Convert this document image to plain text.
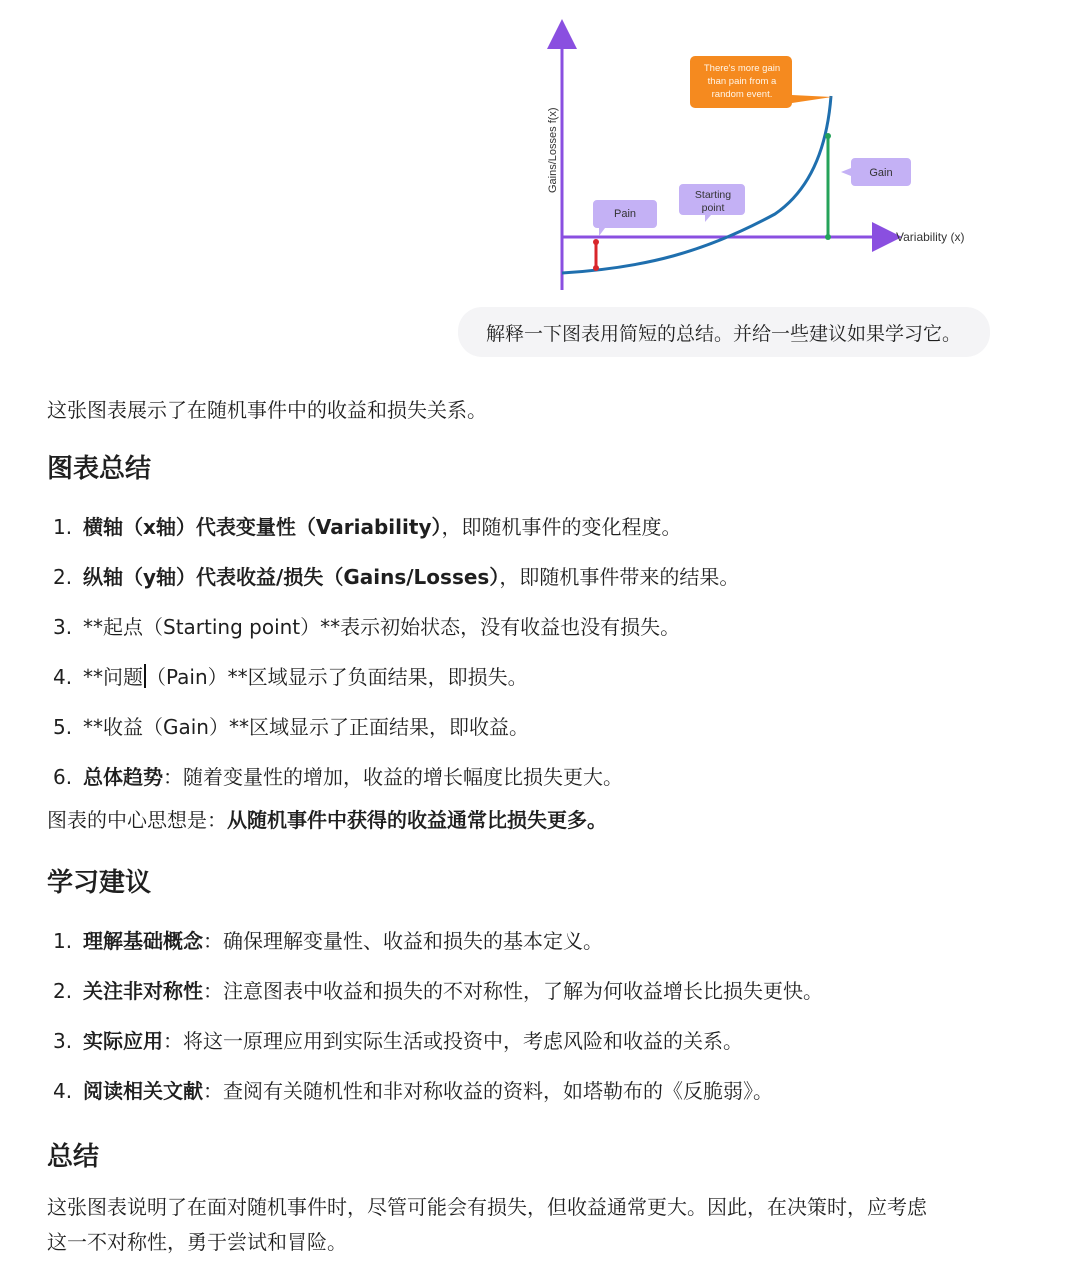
Gains/Losses f(x)
Variability (x)
Pain
Starting
point
Gain
There's more gain
than pain from a
random event.
解释一下图表用简短的总结。并给一些建议如果学习它。

这张图表展示了在随机事件中的收益和损失关系。

图表总结
1. 横轴（x轴）代表变量性（Variability），即随机事件的变化程度。
2. 纵轴（y轴）代表收益/损失（Gains/Losses），即随机事件带来的结果。
3. **起点（Starting point）**表示初始状态，没有收益也没有损失。
4. **问题 （Pain）**区域显示了负面结果，即损失。
5. **收益（Gain）**区域显示了正面结果，即收益。
6. 总体趋势：随着变量性的增加，收益的增长幅度比损失更大。

图表的中心思想是：从随机事件中获得的收益通常比损失更多。

学习建议
1. 理解基础概念：确保理解变量性、收益和损失的基本定义。
2. 关注非对称性：注意图表中收益和损失的不对称性，了解为何收益增长比损失更快。
3. 实际应用：将这一原理应用到实际生活或投资中，考虑风险和收益的关系。
4. 阅读相关文献：查阅有关随机性和非对称收益的资料，如塔勒布的《反脆弱》。
总结

这张图表说明了在面对随机事件时，尽管可能会有损失，但收益通常更大。因此，在决策时，应考虑
这一不对称性，勇于尝试和冒险。
